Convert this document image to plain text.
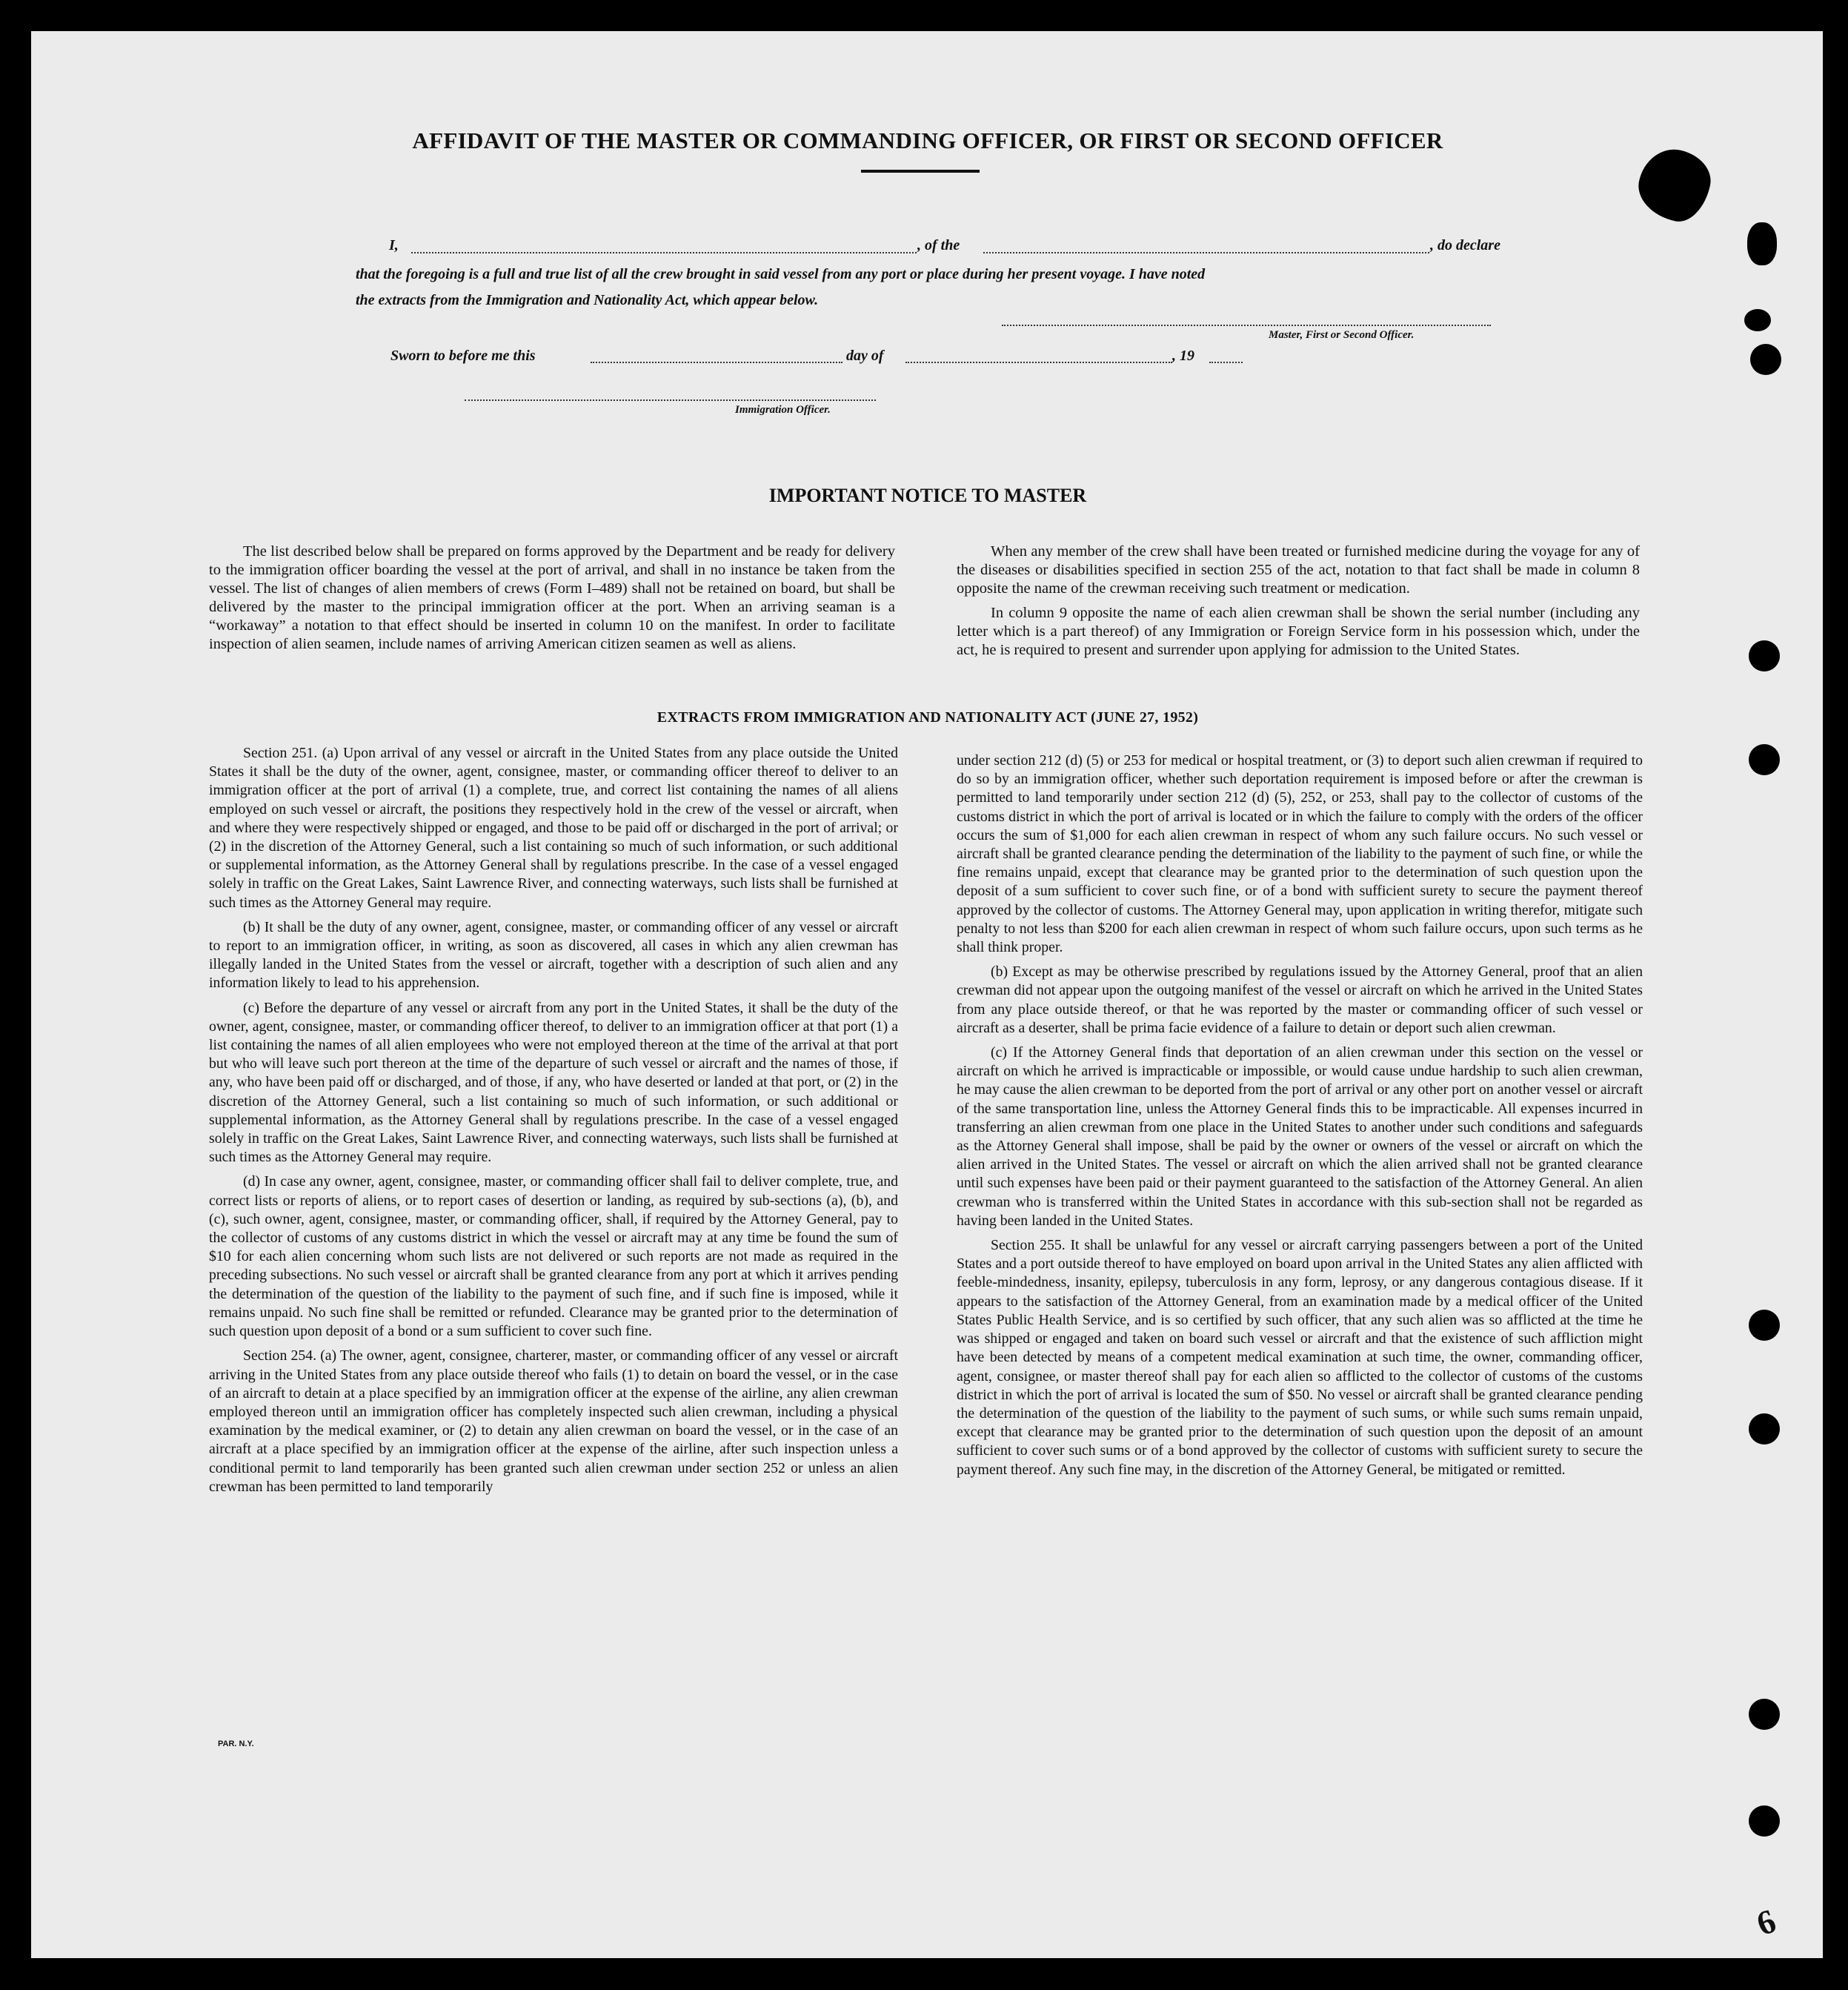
AFFIDAVIT OF THE MASTER OR COMMANDING OFFICER, OR FIRST OR SECOND OFFICER
I,	, of the	, do declare
that the foregoing is a full and true list of all the crew brought in said vessel from any port or place during her present voyage. I have noted
the extracts from the Immigration and Nationality Act, which appear below.
Master, First or Second Officer.
Sworn to before me this	day of	, 19
Immigration Officer.
IMPORTANT NOTICE TO MASTER

The list described below shall be prepared on forms approved by the Department and be ready for delivery to the immigration officer boarding the vessel at the port of arrival, and shall in no instance be taken from the vessel. The list of changes of alien members of crews (Form I–489) shall not be retained on board, but shall be delivered by the master to the principal immigration officer at the port. When an arriving seaman is a “workaway” a notation to that effect should be inserted in column 10 on the manifest. In order to facilitate inspection of alien seamen, include names of arriving American citizen seamen as well as aliens.

When any member of the crew shall have been treated or furnished medicine during the voyage for any of the diseases or disabilities specified in section 255 of the act, notation to that fact shall be made in column 8 opposite the name of the crewman receiving such treatment or medication.

In column 9 opposite the name of each alien crewman shall be shown the serial number (including any letter which is a part thereof) of any Immigration or Foreign Service form in his possession which, under the act, he is required to present and surrender upon applying for admission to the United States.

EXTRACTS FROM IMMIGRATION AND NATIONALITY ACT (JUNE 27, 1952)

Section 251. (a) Upon arrival of any vessel or aircraft in the United States from any place outside the United States it shall be the duty of the owner, agent, consignee, master, or commanding officer thereof to deliver to an immigration officer at the port of arrival (1) a complete, true, and correct list containing the names of all aliens employed on such vessel or aircraft, the positions they respectively hold in the crew of the vessel or aircraft, when and where they were respectively shipped or engaged, and those to be paid off or discharged in the port of arrival; or (2) in the discretion of the Attorney General, such a list containing so much of such information, or such additional or supplemental information, as the Attorney General shall by regulations prescribe. In the case of a vessel engaged solely in traffic on the Great Lakes, Saint Lawrence River, and connecting waterways, such lists shall be furnished at such times as the Attorney General may require.

(b) It shall be the duty of any owner, agent, consignee, master, or commanding officer of any vessel or aircraft to report to an immigration officer, in writing, as soon as discovered, all cases in which any alien crewman has illegally landed in the United States from the vessel or aircraft, together with a description of such alien and any information likely to lead to his apprehension.

(c) Before the departure of any vessel or aircraft from any port in the United States, it shall be the duty of the owner, agent, consignee, master, or commanding officer thereof, to deliver to an immigration officer at that port (1) a list containing the names of all alien employees who were not employed thereon at the time of the arrival at that port but who will leave such port thereon at the time of the departure of such vessel or aircraft and the names of those, if any, who have been paid off or discharged, and of those, if any, who have deserted or landed at that port, or (2) in the discretion of the Attorney General, such a list containing so much of such information, or such additional or supplemental information, as the Attorney General shall by regulations prescribe. In the case of a vessel engaged solely in traffic on the Great Lakes, Saint Lawrence River, and connecting waterways, such lists shall be furnished at such times as the Attorney General may require.

(d) In case any owner, agent, consignee, master, or commanding officer shall fail to deliver complete, true, and correct lists or reports of aliens, or to report cases of desertion or landing, as required by sub-sections (a), (b), and (c), such owner, agent, consignee, master, or commanding officer, shall, if required by the Attorney General, pay to the collector of customs of any customs district in which the vessel or aircraft may at any time be found the sum of $10 for each alien concerning whom such lists are not delivered or such reports are not made as required in the preceding subsections. No such vessel or aircraft shall be granted clearance from any port at which it arrives pending the determination of the question of the liability to the payment of such fine, and if such fine is imposed, while it remains unpaid. No such fine shall be remitted or refunded. Clearance may be granted prior to the determination of such question upon deposit of a bond or a sum sufficient to cover such fine.

Section 254. (a) The owner, agent, consignee, charterer, master, or commanding officer of any vessel or aircraft arriving in the United States from any place outside thereof who fails (1) to detain on board the vessel, or in the case of an aircraft to detain at a place specified by an immigration officer at the expense of the airline, any alien crewman employed thereon until an immigration officer has completely inspected such alien crewman, including a physical examination by the medical examiner, or (2) to detain any alien crewman on board the vessel, or in the case of an aircraft at a place specified by an immigration officer at the expense of the airline, after such inspection unless a conditional permit to land temporarily has been granted such alien crewman under section 252 or unless an alien crewman has been permitted to land temporarily

under section 212 (d) (5) or 253 for medical or hospital treatment, or (3) to deport such alien crewman if required to do so by an immigration officer, whether such deportation requirement is imposed before or after the crewman is permitted to land temporarily under section 212 (d) (5), 252, or 253, shall pay to the collector of customs of the customs district in which the port of arrival is located or in which the failure to comply with the orders of the officer occurs the sum of $1,000 for each alien crewman in respect of whom any such failure occurs. No such vessel or aircraft shall be granted clearance pending the determination of the liability to the payment of such fine, or while the fine remains unpaid, except that clearance may be granted prior to the determination of such question upon the deposit of a sum sufficient to cover such fine, or of a bond with sufficient surety to secure the payment thereof approved by the collector of customs. The Attorney General may, upon application in writing therefor, mitigate such penalty to not less than $200 for each alien crewman in respect of whom such failure occurs, upon such terms as he shall think proper.

(b) Except as may be otherwise prescribed by regulations issued by the Attorney General, proof that an alien crewman did not appear upon the outgoing manifest of the vessel or aircraft on which he arrived in the United States from any place outside thereof, or that he was reported by the master or commanding officer of such vessel or aircraft as a deserter, shall be prima facie evidence of a failure to detain or deport such alien crewman.

(c) If the Attorney General finds that deportation of an alien crewman under this section on the vessel or aircraft on which he arrived is impracticable or impossible, or would cause undue hardship to such alien crewman, he may cause the alien crewman to be deported from the port of arrival or any other port on another vessel or aircraft of the same transportation line, unless the Attorney General finds this to be impracticable. All expenses incurred in transferring an alien crewman from one place in the United States to another under such conditions and safeguards as the Attorney General shall impose, shall be paid by the owner or owners of the vessel or aircraft on which the alien arrived in the United States. The vessel or aircraft on which the alien arrived shall not be granted clearance until such expenses have been paid or their payment guaranteed to the satisfaction of the Attorney General. An alien crewman who is transferred within the United States in accordance with this sub-section shall not be regarded as having been landed in the United States.

Section 255. It shall be unlawful for any vessel or aircraft carrying passengers between a port of the United States and a port outside thereof to have employed on board upon arrival in the United States any alien afflicted with feeble-mindedness, insanity, epilepsy, tuberculosis in any form, leprosy, or any dangerous contagious disease. If it appears to the satisfaction of the Attorney General, from an examination made by a medical officer of the United States Public Health Service, and is so certified by such officer, that any such alien was so afflicted at the time he was shipped or engaged and taken on board such vessel or aircraft and that the existence of such affliction might have been detected by means of a competent medical examination at such time, the owner, commanding officer, agent, consignee, or master thereof shall pay for each alien so afflicted to the collector of customs of the customs district in which the port of arrival is located the sum of $50. No vessel or aircraft shall be granted clearance pending the determination of the question of the liability to the payment of such sums, or while such sums remain unpaid, except that clearance may be granted prior to the determination of such question upon the deposit of an amount sufficient to cover such sums or of a bond approved by the collector of customs with sufficient surety to secure the payment thereof. Any such fine may, in the discretion of the Attorney General, be mitigated or remitted.

PAR. N.Y.
6
